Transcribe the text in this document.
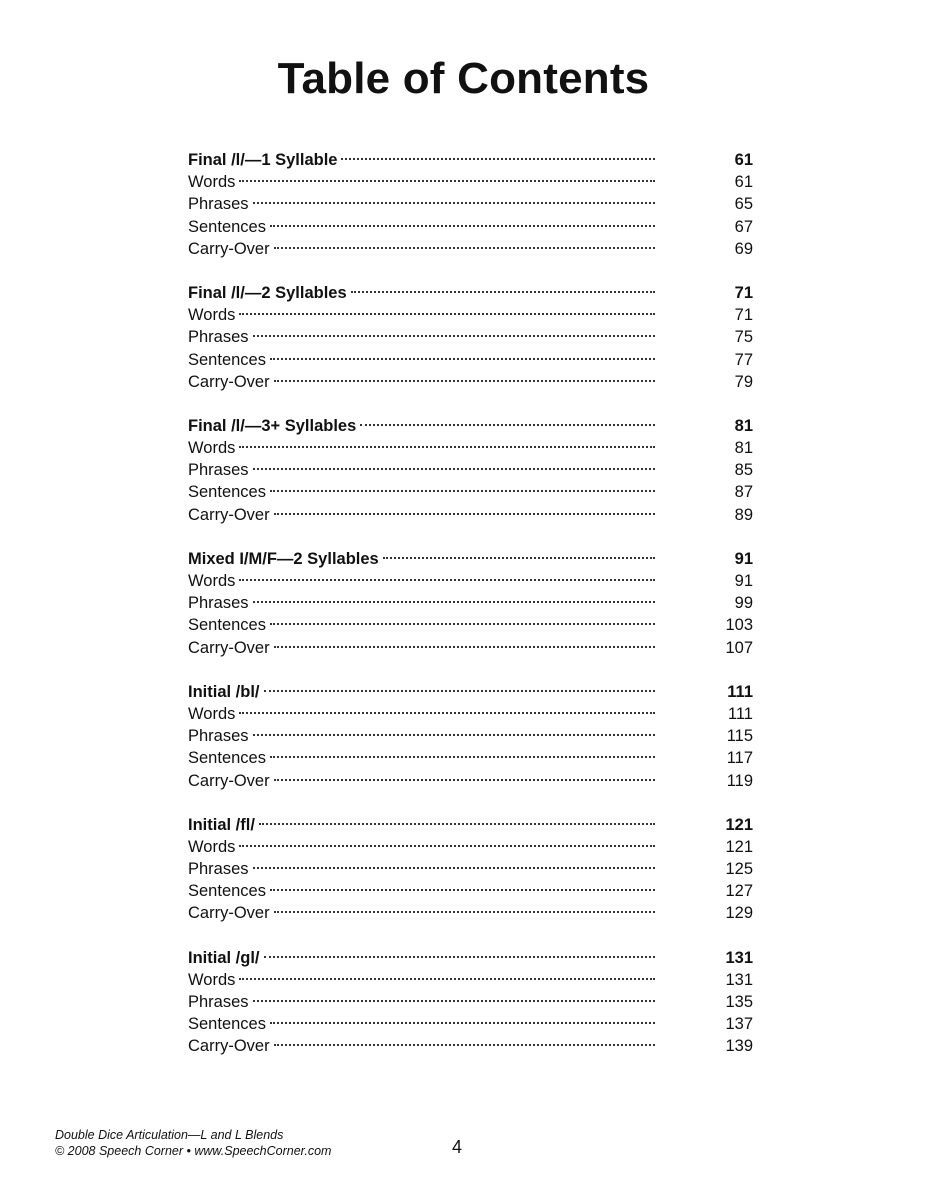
Table of Contents
Final /l/—1 Syllable	61
Words	61
Phrases	65
Sentences	67
Carry-Over	69
Final /l/—2 Syllables	71
Words	71
Phrases	75
Sentences	77
Carry-Over	79
Final /l/—3+ Syllables	81
Words	81
Phrases	85
Sentences	87
Carry-Over	89
Mixed I/M/F—2 Syllables	91
Words	91
Phrases	99
Sentences	103
Carry-Over	107
Initial /bl/	111
Words	111
Phrases	115
Sentences	117
Carry-Over	119
Initial /fl/	121
Words	121
Phrases	125
Sentences	127
Carry-Over	129
Initial /gl/	131
Words	131
Phrases	135
Sentences	137
Carry-Over	139
Double Dice Articulation—L and L Blends
© 2008 Speech Corner • www.SpeechCorner.com	4
